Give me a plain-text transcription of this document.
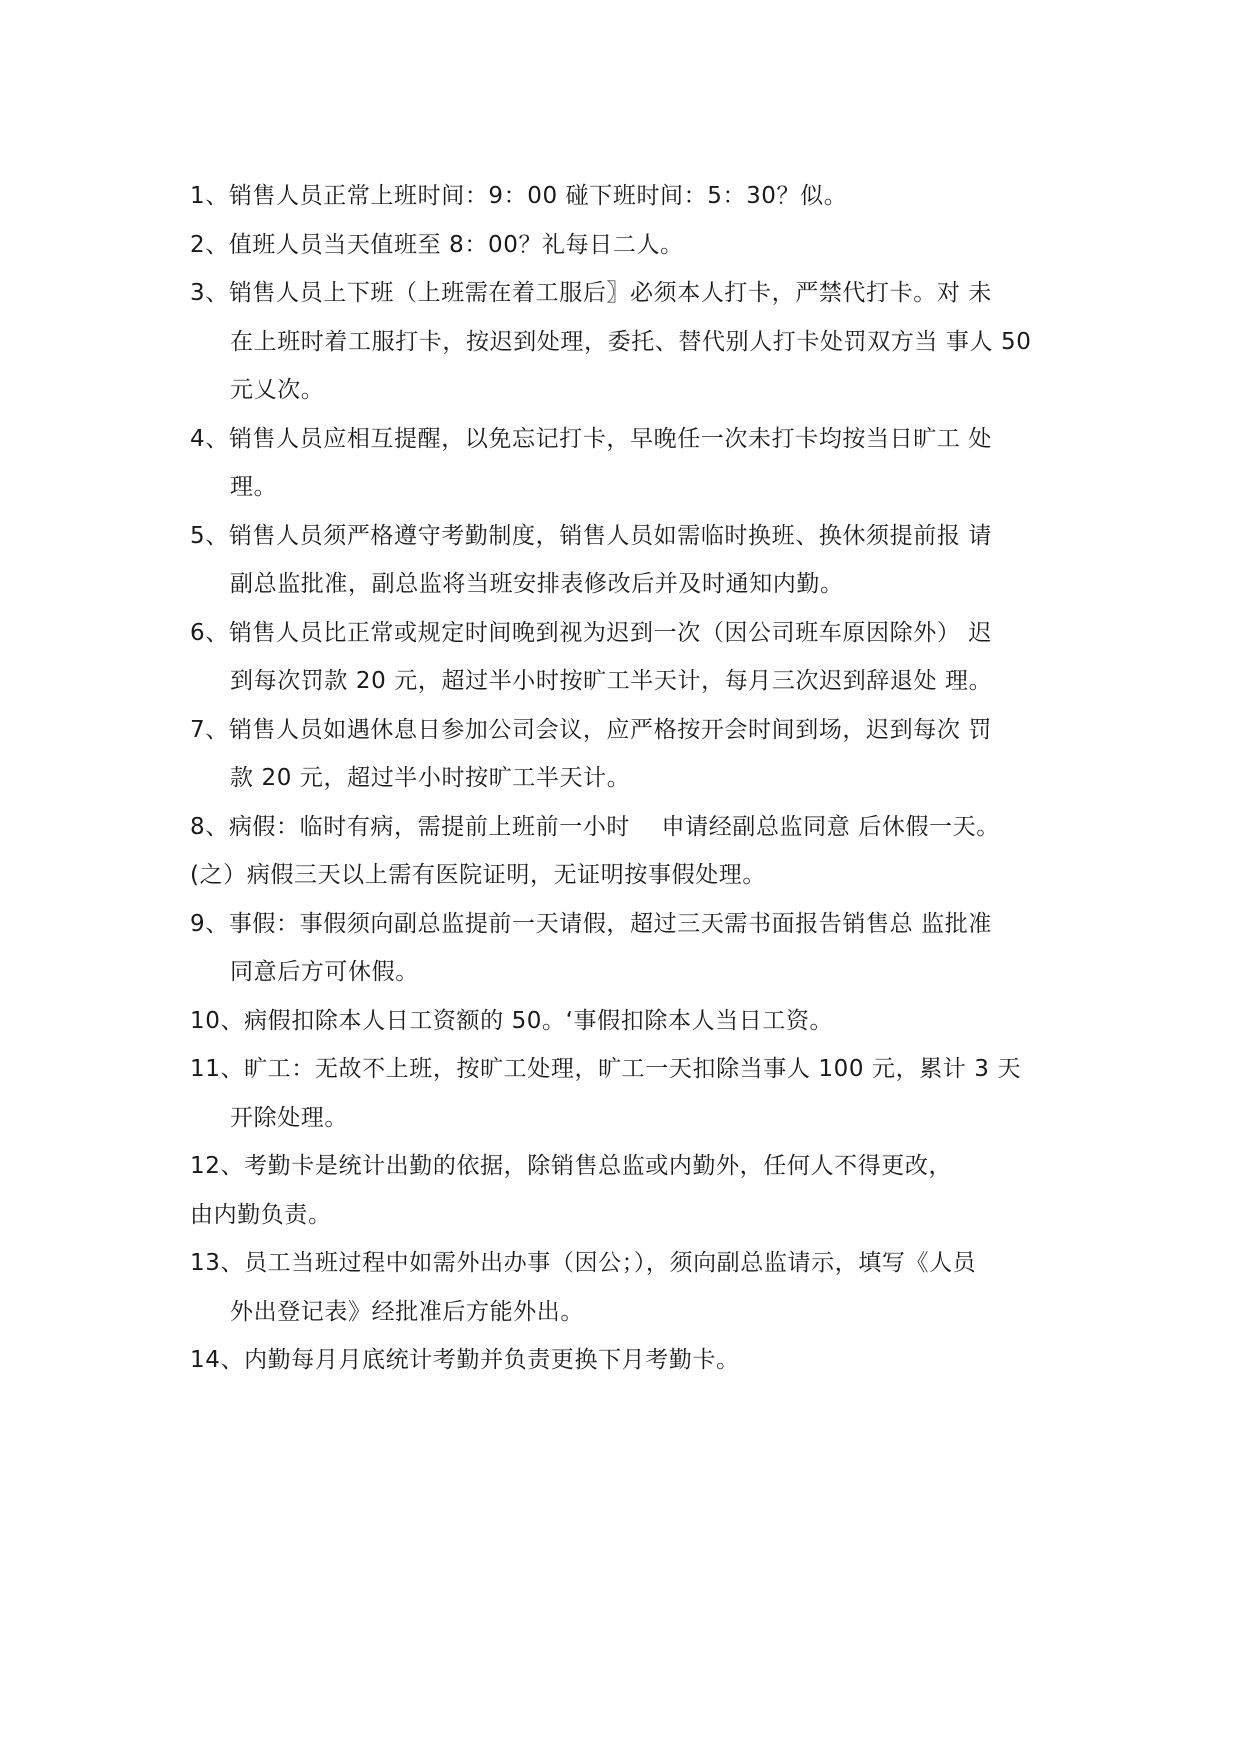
1、销售人员正常上班时间：9：00 碰下班时间：5：30？似。
2、值班人员当天值班至 8：00？礼每日二人。
3、销售人员上下班（上班需在着工服后〗必须本人打卡，严禁代打卡。对 未
在上班时着工服打卡，按迟到处理，委托、替代别人打卡处罚双方当 事人 50
元乂次。
4、销售人员应相互提醒，以免忘记打卡，早晚任一次未打卡均按当日旷工 处
理。
5、销售人员须严格遵守考勤制度，销售人员如需临时换班、换休须提前报 请
副总监批准，副总监将当班安排表修改后并及时通知内勤。
6、销售人员比正常或规定时间晚到视为迟到一次（因公司班车原因除外） 迟
到每次罚款 20 元，超过半小时按旷工半天计，每月三次迟到辞退处 理。
7、销售人员如遇休息日参加公司会议，应严格按开会时间到场，迟到每次 罚
款 20 元，超过半小时按旷工半天计。
8、病假：临时有病，需提前上班前一小时　 申请经副总监同意 后休假一天。
(之）病假三天以上需有医院证明，无证明按事假处理。
9、事假：事假须向副总监提前一天请假，超过三天需书面报告销售总 监批准
同意后方可休假。
10、病假扣除本人日工资额的 50。‘事假扣除本人当日工资。
11、旷工：无故不上班，按旷工处理，旷工一天扣除当事人 100 元，累计 3 天
开除处理。
12、考勤卡是统计出勤的依据，除销售总监或内勤外，任何人不得更改，
由内勤负责。
13、员工当班过程中如需外出办事（因公；），须向副总监请示，填写《人员
外出登记表》经批准后方能外出。
14、内勤每月月底统计考勤并负责更换下月考勤卡。
